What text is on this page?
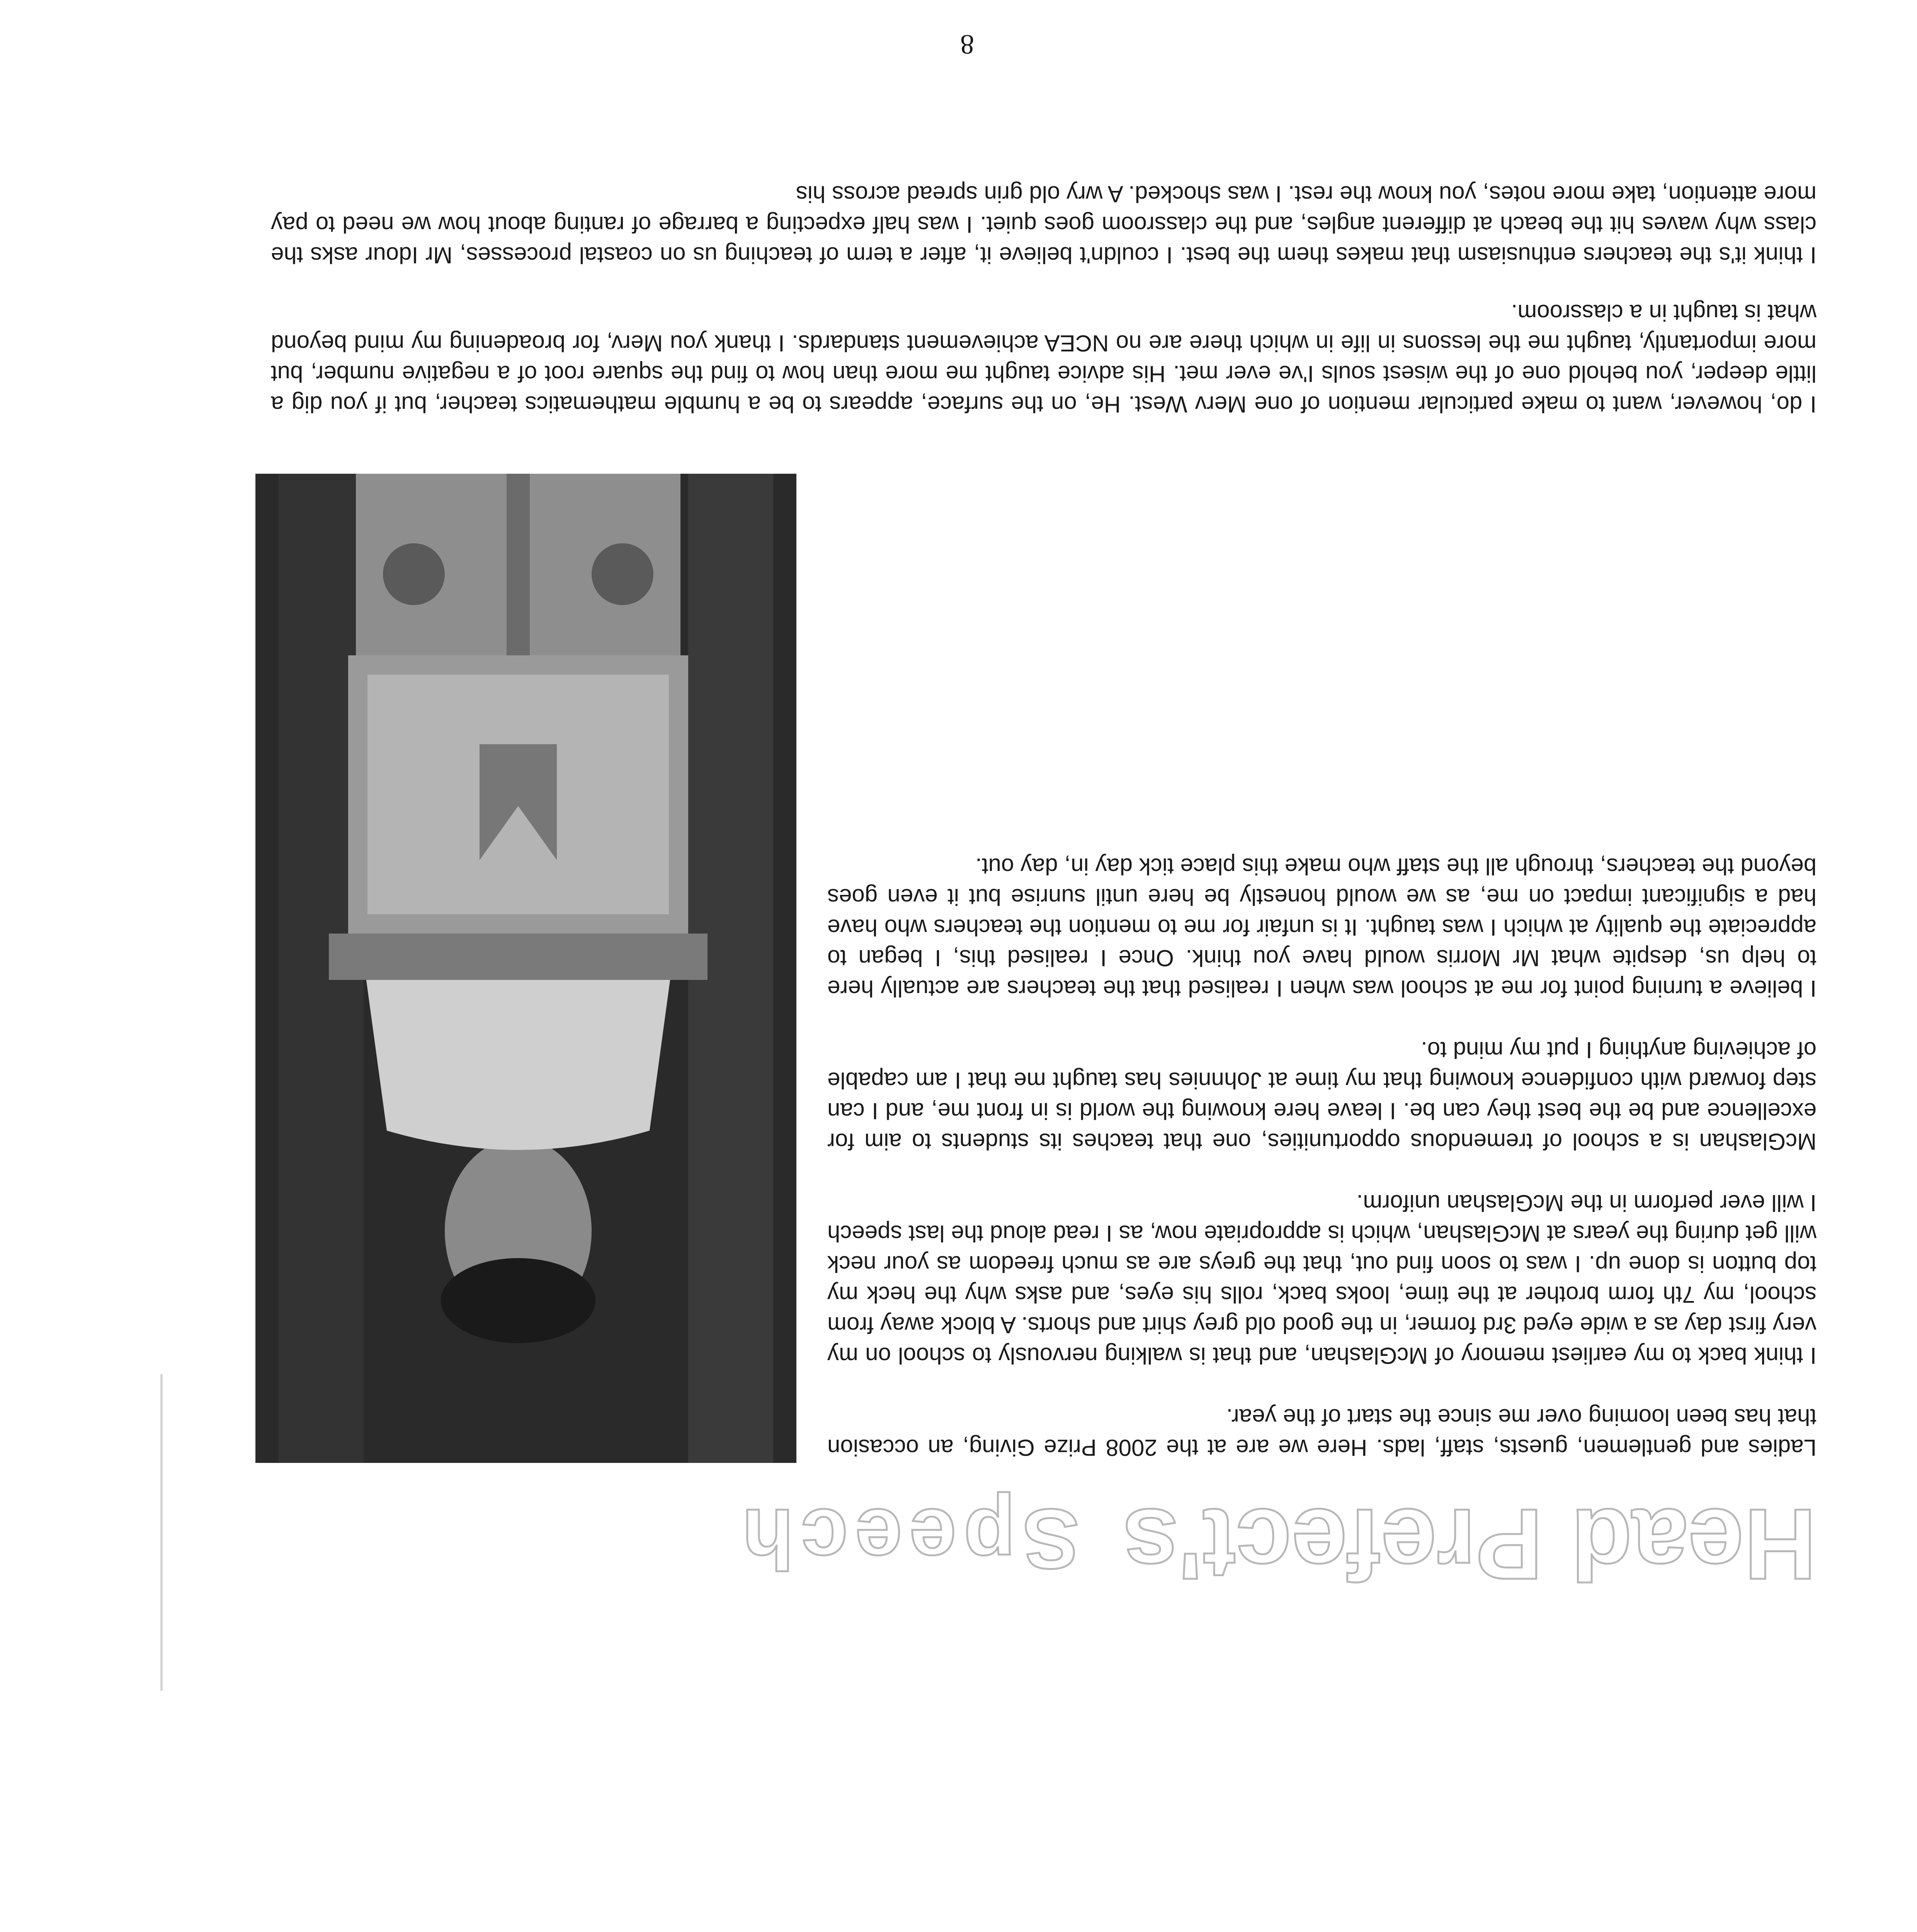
8

I do, however, want to make particular mention of one Merv West. He, on the surface, appears to be a humble mathematics teacher, but if you dig a little deeper, you behold one of the wisest souls I've ever met. His advice taught me more than how to find the square root of a negative number, but more importantly, taught me the lessons in life in which there are no NCEA achievement standards. I thank you Merv, for broadening my mind beyond what is taught in a classroom.

I think it's the teachers enthusiasm that makes them the best. I couldn't believe it, after a term of teaching us on coastal processes, Mr Idour asks the class why waves hit the beach at different angles, and the classroom goes quiet. I was half expecting a barrage of ranting about how we need to pay more attention, take more notes, you know the rest. I was shocked. A wry old grin spread across his

Ladies and gentlemen, guests, staff, lads. Here we are at the 2008 Prize Giving, an occasion that has been looming over me since the start of the year.

I think back to my earliest memory of McGlashan, and that is walking nervously to school on my very first day as a wide eyed 3rd former, in the good old grey shirt and shorts. A block away from school, my 7th form brother at the time, looks back, rolls his eyes, and asks why the heck my top button is done up. I was to soon find out, that the greys are as much freedom as your neck will get during the years at McGlashan, which is appropriate now, as I read aloud the last speech I will ever perform in the McGlashan uniform.

McGlashan is a school of tremendous opportunities, one that teaches its students to aim for excellence and be the best they can be. I leave here knowing the world is in front me, and I can step forward with confidence knowing that my time at Johnnies has taught me that I am capable of achieving anything I put my mind to.

I believe a turning point for me at school was when I realised that the teachers are actually here to help us, despite what Mr Morris would have you think. Once I realised this, I began to appreciate the quality at which I was taught. It is unfair for me to mention the teachers who have had a significant impact on me, as we would honestly be here until sunrise but it even goes beyond the teachers, through all the staff who make this place tick day in, day out.

Head Prefect's Speech
